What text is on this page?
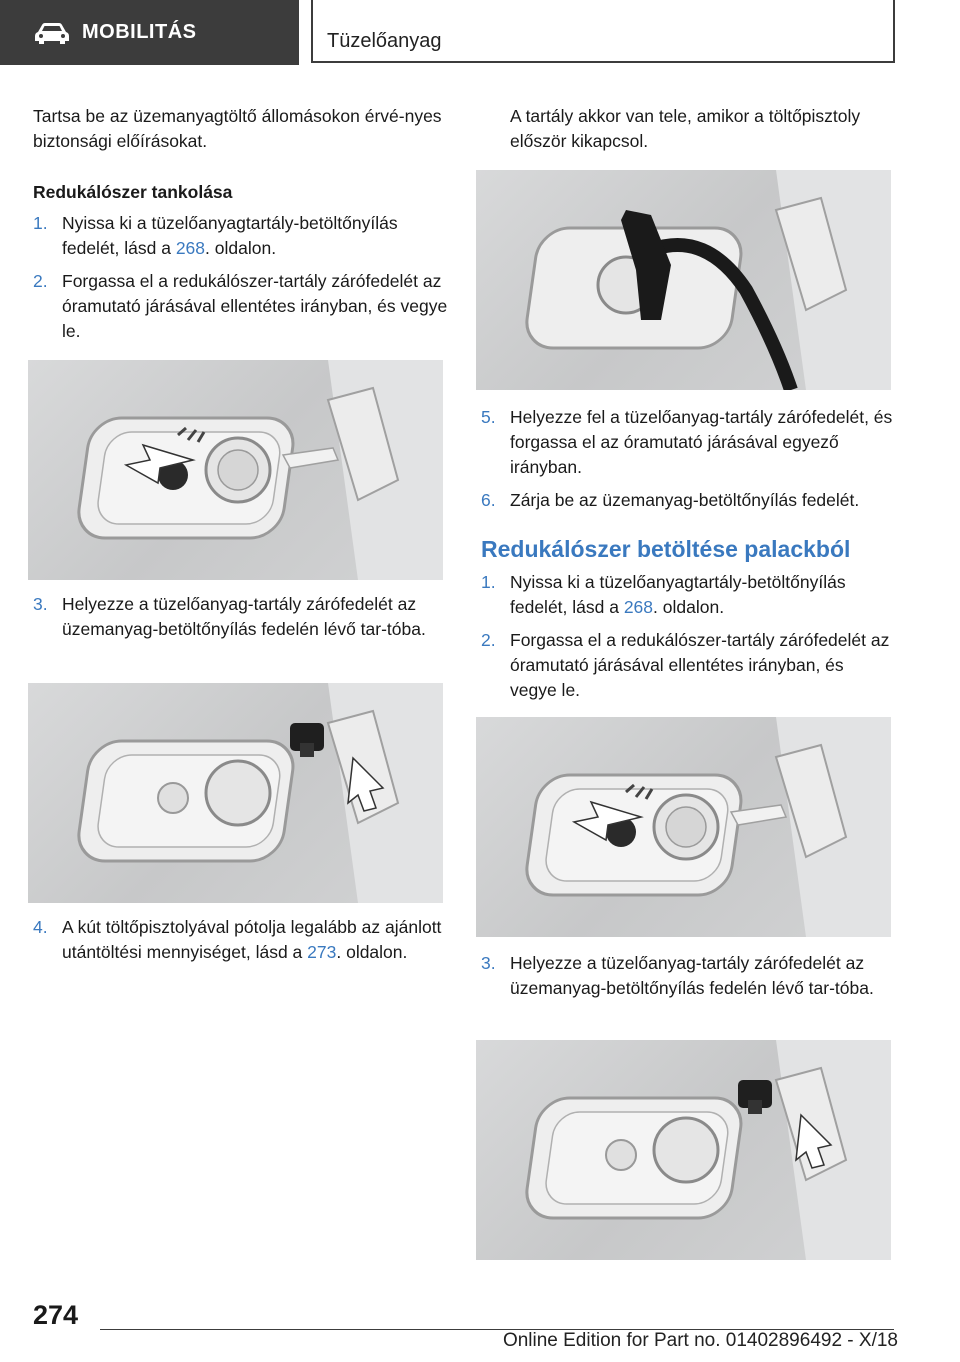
MOBILITÁS	Tüzelőanyag

Tartsa be az üzemanyagtöltő állomásokon érvé-nyes biztonsági előírásokat.

Redukálószer tankolása

1. Nyissa ki a tüzelőanyagtartály-betöltőnyílás fedelét, lásd a 268. oldalon.
2. Forgassa el a redukálószer-tartály zárófedelét az óramutató járásával ellentétes irányban, és vegye le.
3. Helyezze a tüzelőanyag-tartály zárófedelét az üzemanyag-betöltőnyílás fedelén lévő tar-tóba.
4. A kút töltőpisztolyával pótolja legalább az ajánlott utántöltési mennyiséget, lásd a 273. oldalon.

A tartály akkor van tele, amikor a töltőpisztoly először kikapcsol.

5. Helyezze fel a tüzelőanyag-tartály zárófedelét, és forgassa el az óramutató járásával egyező irányban.
6. Zárja be az üzemanyag-betöltőnyílás fedelét.
Redukálószer betöltése palackból
1. Nyissa ki a tüzelőanyagtartály-betöltőnyílás fedelét, lásd a 268. oldalon.
2. Forgassa el a redukálószer-tartály zárófedelét az óramutató járásával ellentétes irányban, és vegye le.
3. Helyezze a tüzelőanyag-tartály zárófedelét az üzemanyag-betöltőnyílás fedelén lévő tar-tóba.
274
Online Edition for Part no. 01402896492 - X/18
